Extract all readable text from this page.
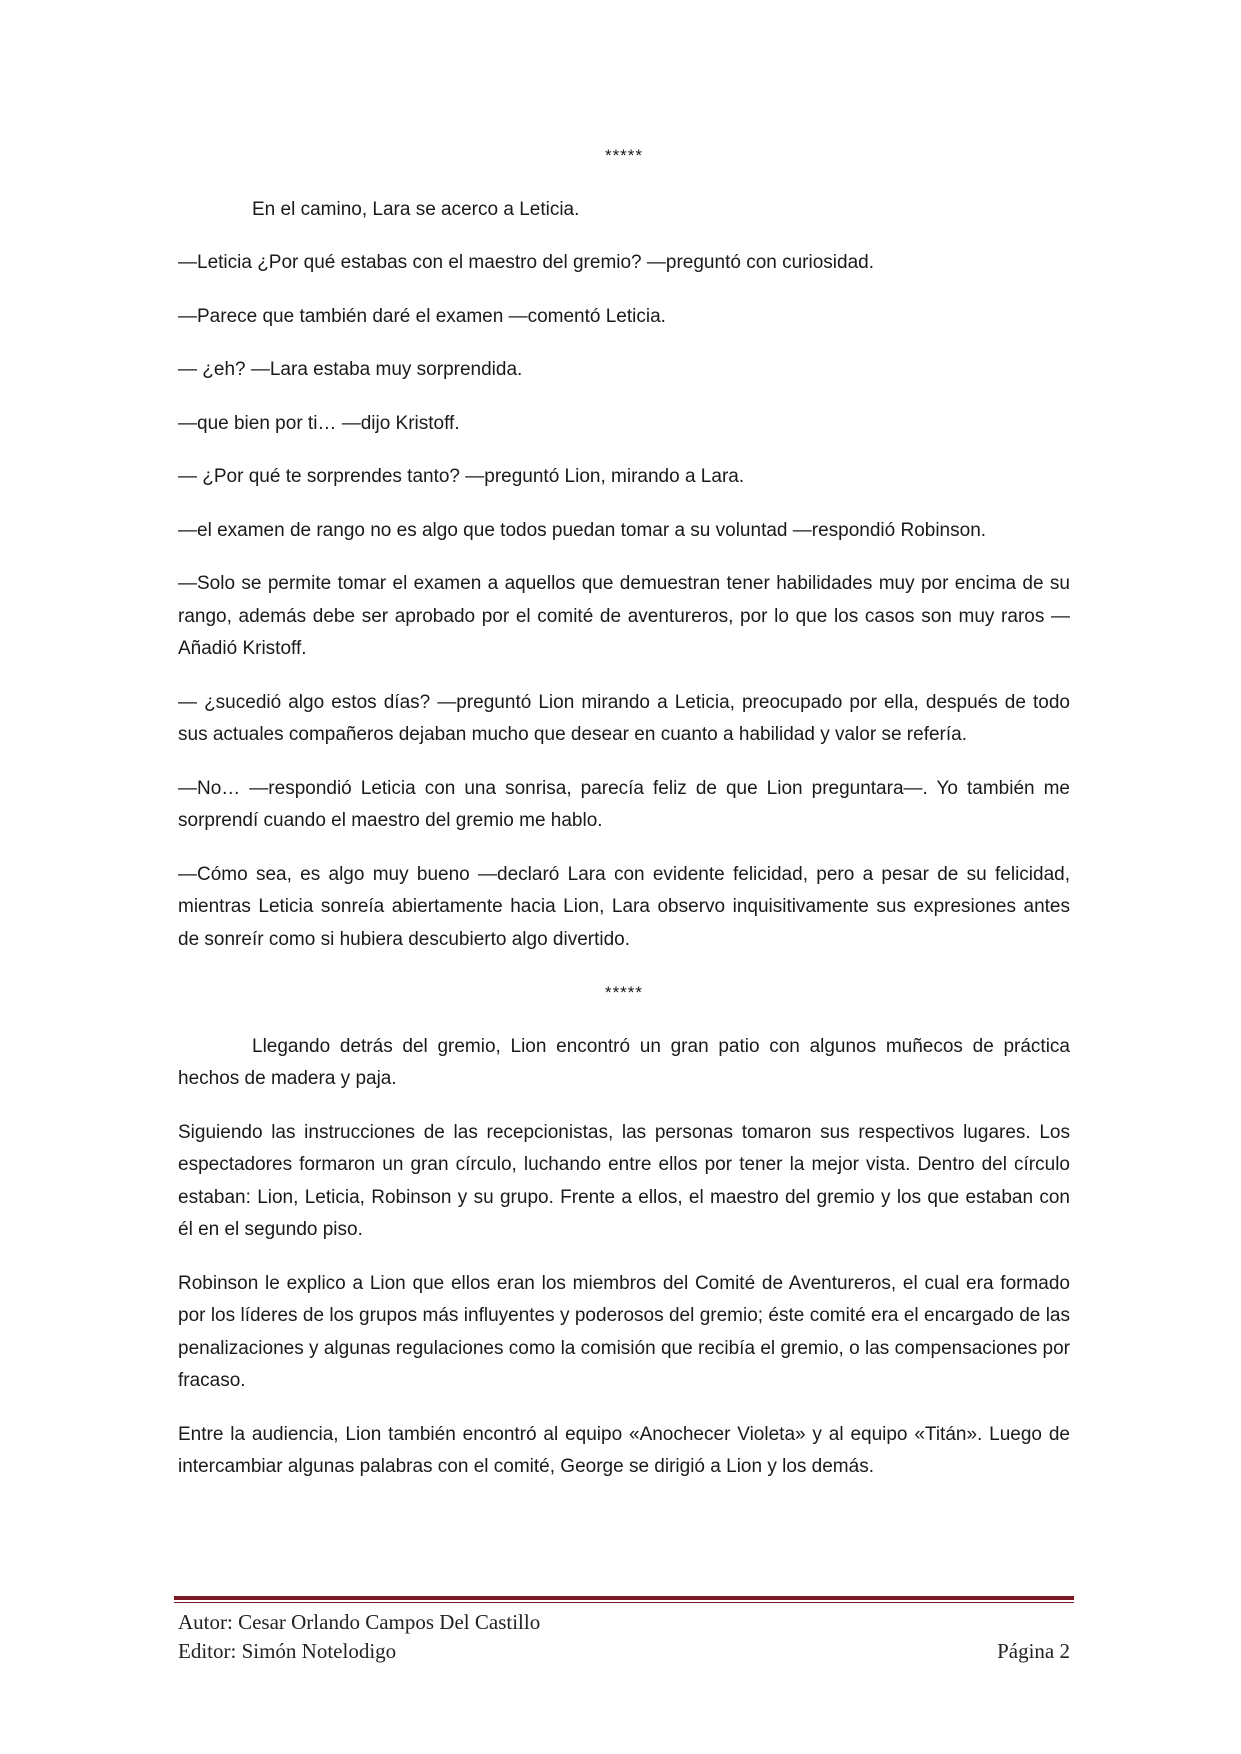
*****

En el camino, Lara se acerco a Leticia.

—Leticia ¿Por qué estabas con el maestro del gremio? —preguntó con curiosidad.

—Parece que también daré el examen —comentó Leticia.

— ¿eh? —Lara estaba muy sorprendida.

—que bien por ti… —dijo Kristoff.

— ¿Por qué te sorprendes tanto? —preguntó Lion, mirando a Lara.

—el examen de rango no es algo que todos puedan tomar a su voluntad —respondió Robinson.

—Solo se permite tomar el examen a aquellos que demuestran tener habilidades muy por encima de su rango, además debe ser aprobado por el comité de aventureros, por lo que los casos son muy raros —Añadió Kristoff.

— ¿sucedió algo estos días? —preguntó Lion mirando a Leticia, preocupado por ella, después de todo sus actuales compañeros dejaban mucho que desear en cuanto a habilidad y valor se refería.

—No… —respondió Leticia con una sonrisa, parecía feliz de que Lion preguntara—. Yo también me sorprendí cuando el maestro del gremio me hablo.

—Cómo sea, es algo muy bueno —declaró Lara con evidente felicidad, pero a pesar de su felicidad, mientras Leticia sonreía abiertamente hacia Lion, Lara observo inquisitivamente sus expresiones antes de sonreír como si hubiera descubierto algo divertido.

*****

Llegando detrás del gremio, Lion encontró un gran patio con algunos muñecos de práctica hechos de madera y paja.

Siguiendo las instrucciones de las recepcionistas, las personas tomaron sus respectivos lugares. Los espectadores formaron un gran círculo, luchando entre ellos por tener la mejor vista. Dentro del círculo estaban: Lion, Leticia, Robinson y su grupo. Frente a ellos, el maestro del gremio y los que estaban con él en el segundo piso.

Robinson le explico a Lion que ellos eran los miembros del Comité de Aventureros, el cual era formado por los líderes de los grupos más influyentes y poderosos del gremio; éste comité era el encargado de las penalizaciones y algunas regulaciones como la comisión que recibía el gremio, o las compensaciones por fracaso.

Entre la audiencia, Lion también encontró al equipo «Anochecer Violeta» y al equipo «Titán». Luego de intercambiar algunas palabras con el comité, George se dirigió a Lion y los demás.

Autor: Cesar Orlando Campos Del Castillo
Editor: Simón Notelodigo	Página 2
